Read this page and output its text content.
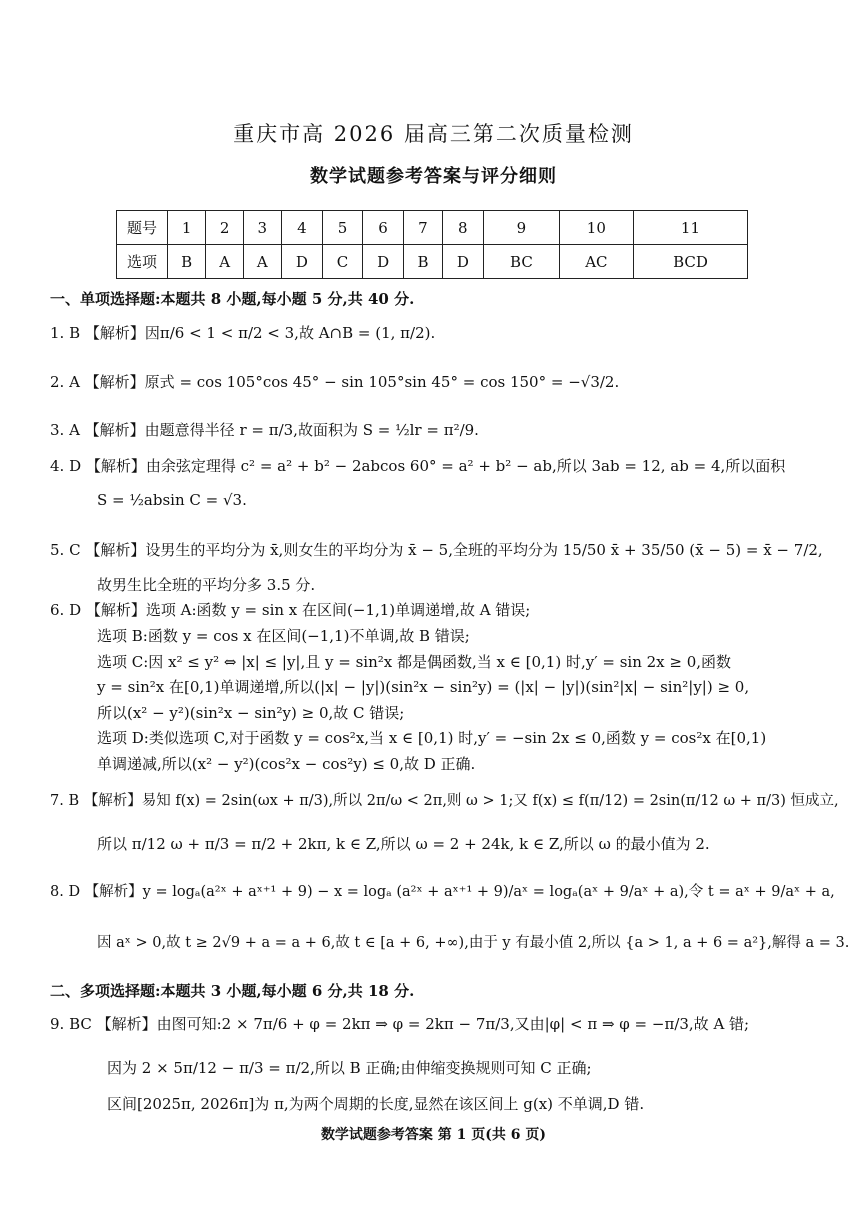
重庆市高 2026 届高三第二次质量检测
数学试题参考答案与评分细则
题号	1	2	3	4	5	6	7	8	9	10	11
选项	B	A	A	D	C	D	B	D	BC	AC	BCD
一、单项选择题:本题共 8 小题,每小题 5 分,共 40 分.
1. B 【解析】因π/6 < 1 < π/2 < 3,故 A∩B = (1, π/2).
2. A 【解析】原式 = cos 105°cos 45° − sin 105°sin 45° = cos 150° = −√3/2.
3. A 【解析】由题意得半径 r = π/3,故面积为 S = ½lr = π²/9.
4. D 【解析】由余弦定理得 c² = a² + b² − 2abcos 60° = a² + b² − ab,所以 3ab = 12, ab = 4,所以面积
S = ½absin C = √3.
5. C 【解析】设男生的平均分为 x̄,则女生的平均分为 x̄ − 5,全班的平均分为 15/50 x̄ + 35/50 (x̄ − 5) = x̄ − 7/2,
故男生比全班的平均分多 3.5 分.
6. D 【解析】选项 A:函数 y = sin x 在区间(−1,1)单调递增,故 A 错误;
选项 B:函数 y = cos x 在区间(−1,1)不单调,故 B 错误;
选项 C:因 x² ≤ y² ⇔ |x| ≤ |y|,且 y = sin²x 都是偶函数,当 x ∈ [0,1) 时,y′ = sin 2x ≥ 0,函数
y = sin²x 在[0,1)单调递增,所以(|x| − |y|)(sin²x − sin²y) = (|x| − |y|)(sin²|x| − sin²|y|) ≥ 0,
所以(x² − y²)(sin²x − sin²y) ≥ 0,故 C 错误;
选项 D:类似选项 C,对于函数 y = cos²x,当 x ∈ [0,1) 时,y′ = −sin 2x ≤ 0,函数 y = cos²x 在[0,1)
单调递减,所以(x² − y²)(cos²x − cos²y) ≤ 0,故 D 正确.
7. B 【解析】易知 f(x) = 2sin(ωx + π/3),所以 2π/ω < 2π,则 ω > 1;又 f(x) ≤ f(π/12) = 2sin(π/12 ω + π/3) 恒成立,
所以 π/12 ω + π/3 = π/2 + 2kπ, k ∈ Z,所以 ω = 2 + 24k, k ∈ Z,所以 ω 的最小值为 2.
8. D 【解析】y = logₐ(a²ˣ + aˣ⁺¹ + 9) − x = logₐ (a²ˣ + aˣ⁺¹ + 9)/aˣ = logₐ(aˣ + 9/aˣ + a),令 t = aˣ + 9/aˣ + a,
因 aˣ > 0,故 t ≥ 2√9 + a = a + 6,故 t ∈ [a + 6, +∞),由于 y 有最小值 2,所以 {a > 1, a + 6 = a²},解得 a = 3.
二、多项选择题:本题共 3 小题,每小题 6 分,共 18 分.
9. BC 【解析】由图可知:2 × 7π/6 + φ = 2kπ ⇒ φ = 2kπ − 7π/3,又由|φ| < π ⇒ φ = −π/3,故 A 错;
因为 2 × 5π/12 − π/3 = π/2,所以 B 正确;由伸缩变换规则可知 C 正确;
区间[2025π, 2026π]为 π,为两个周期的长度,显然在该区间上 g(x) 不单调,D 错.
数学试题参考答案 第 1 页(共 6 页)
